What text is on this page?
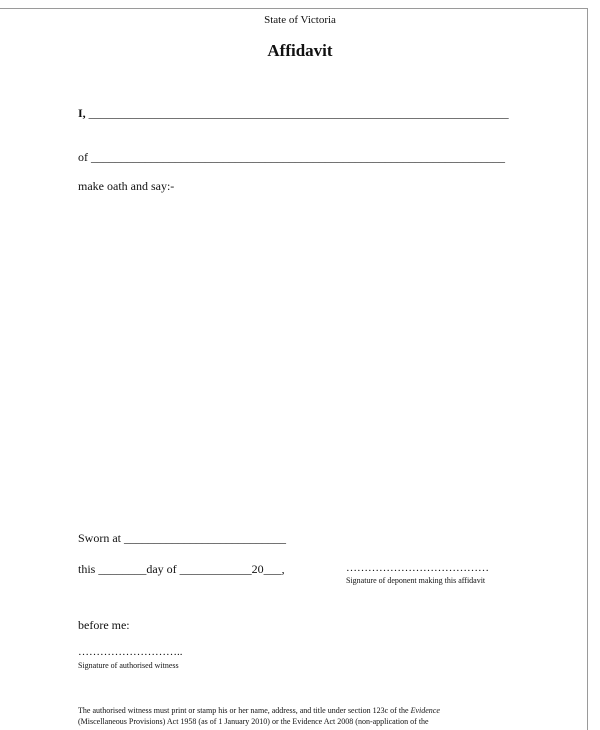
State of Victoria
Affidavit
I, ______________________________________________________________________
of _____________________________________________________________________
make oath and say:-
Sworn at ___________________________
this ________day of ____________20___,	…………………………………
Signature of deponent making this affidavit
before me:
………………………..
Signature of authorised witness
The authorised witness must print or stamp his or her name, address, and title under section 123c of the Evidence
(Miscellaneous Provisions) Act 1958 (as of 1 January 2010) or the Evidence Act 2008 (non-application of the
